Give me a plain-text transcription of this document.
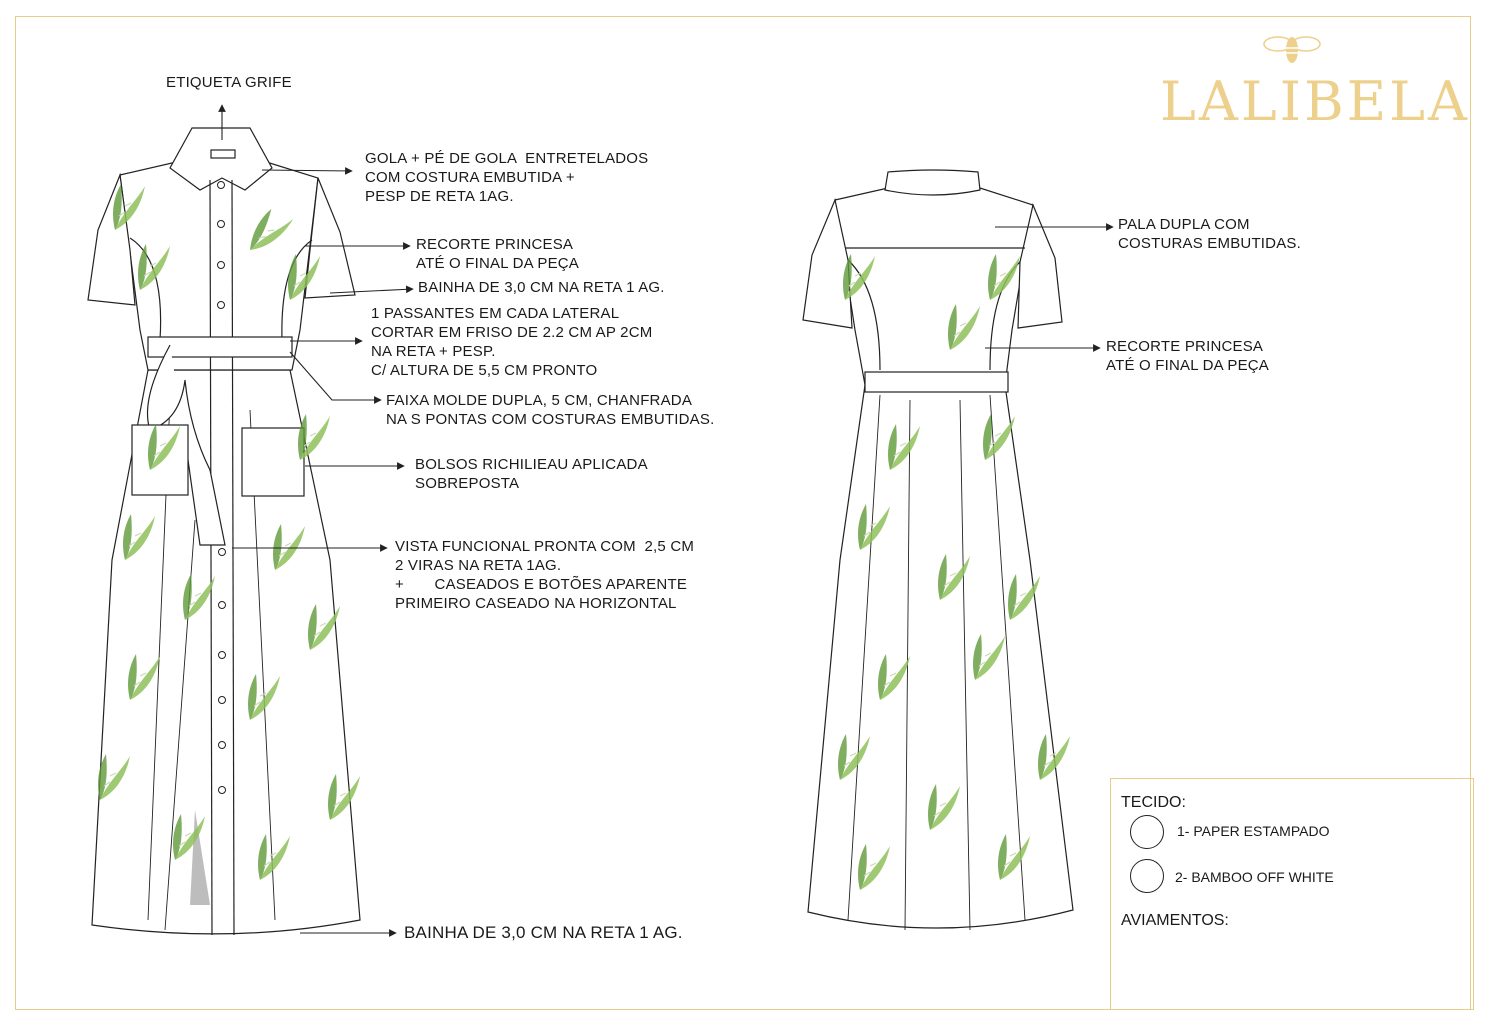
LALIBELA
ETIQUETA GRIFE
GOLA + PÉ DE GOLA  ENTRETELADOS
COM COSTURA EMBUTIDA +
PESP DE RETA 1AG.
RECORTE PRINCESA
ATÉ O FINAL DA PEÇA
BAINHA DE 3,0 CM NA RETA 1 AG.
1 PASSANTES EM CADA LATERAL
CORTAR EM FRISO DE 2.2 CM AP 2CM
NA RETA + PESP.
C/ ALTURA DE 5,5 CM PRONTO
FAIXA MOLDE DUPLA, 5 CM, CHANFRADA
NA S PONTAS COM COSTURAS EMBUTIDAS.
BOLSOS RICHILIEAU APLICADA
SOBREPOSTA
VISTA FUNCIONAL PRONTA COM  2,5 CM
2 VIRAS NA RETA 1AG.
+       CASEADOS E BOTÕES APARENTE
PRIMEIRO CASEADO NA HORIZONTAL
BAINHA DE 3,0 CM NA RETA 1 AG.
PALA DUPLA COM
COSTURAS EMBUTIDAS.
RECORTE PRINCESA
ATÉ O FINAL DA PEÇA
TECIDO:
1- PAPER ESTAMPADO
2- BAMBOO OFF WHITE
AVIAMENTOS:
